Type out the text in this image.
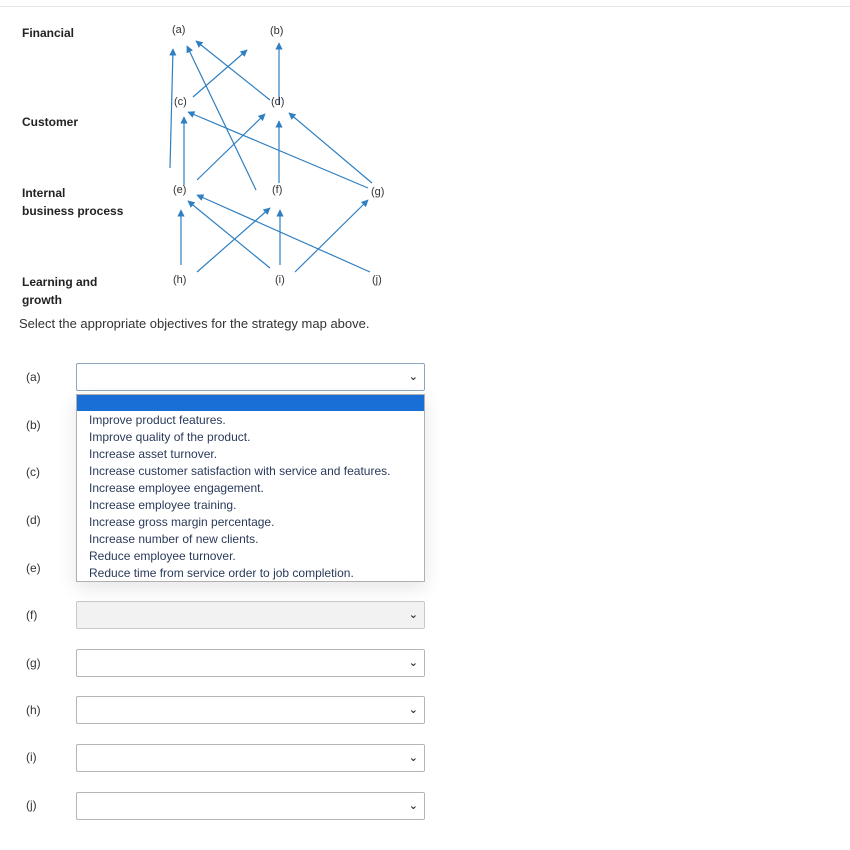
Financial
Customer
Internal
business process
Learning and
growth
(a)	(b)
(c)	(d)
(e)	(f)	(g)
(h)	(i)	(j)
Select the appropriate objectives for the strategy map above.
(a)
(b)
(c)
(d)
(e)
(f)
(g)
(h)
(i)
(j)
⌄
⌄
⌄
⌄
⌄
⌄
Improve product features.
Improve quality of the product.
Increase asset turnover.
Increase customer satisfaction with service and features.
Increase employee engagement.
Increase employee training.
Increase gross margin percentage.
Increase number of new clients.
Reduce employee turnover.
Reduce time from service order to job completion.
